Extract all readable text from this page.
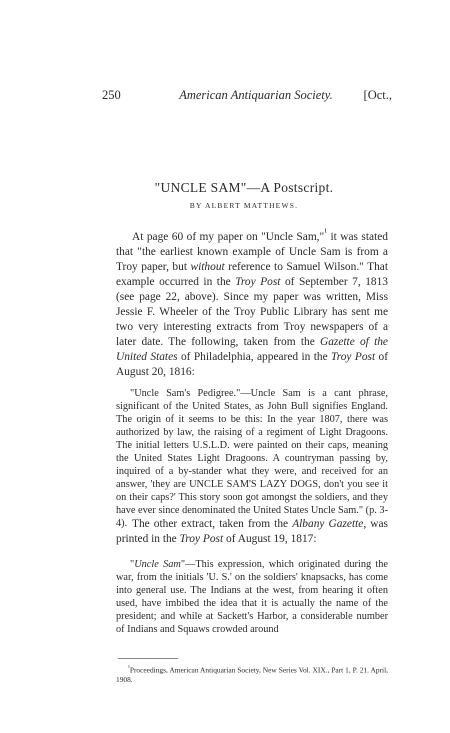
250	American Antiquarian Society.	[Oct.,
"UNCLE SAM"—A Postscript.
BY ALBERT MATTHEWS.
At page 60 of my paper on "Uncle Sam,"$^{^1}$ it was stated that "the earliest known example of Uncle Sam is from a Troy paper, but without reference to Samuel Wilson." That example occurred in the Troy Post of September 7, 1813 (see page 22, above). Since my paper was written, Miss Jessie F. Wheeler of the Troy Public Library has sent me two very interesting extracts from Troy newspapers of a later date. The following, taken from the Gazette of the United States of Philadelphia, appeared in the Troy Post of August 20, 1816:
"Uncle Sam's Pedigree."—Uncle Sam is a cant phrase, significant of the United States, as John Bull signifies England. The origin of it seems to be this: In the year 1807, there was authorized by law, the raising of a regiment of Light Dragoons. The initial letters U.S.L.D. were painted on their caps, meaning the United States Light Dragoons. A countryman passing by, inquired of a by-stander what they were, and received for an answer, 'they are UNCLE SAM'S LAZY DOGS, don't you see it on their caps?' This story soon got amongst the soldiers, and they have ever since denominated the United States Uncle Sam." (p. 3-4). The other extract, taken from the Albany Gazette, was printed in the Troy Post of August 19, 1817:
"Uncle Sam"—This expression, which originated during the war, from the initials 'U. S.' on the soldiers' knapsacks, has come into general use. The Indians at the west, from hearing it often used, have imbibed the idea that it is actually the name of the president; and while at Sackett's Harbor, a considerable number of Indians and Squaws crowded around
$^{^1}$Proceedings, American Antiquarian Society, New Series Vol. XIX., Part 1, P. 21. April, 1908.
